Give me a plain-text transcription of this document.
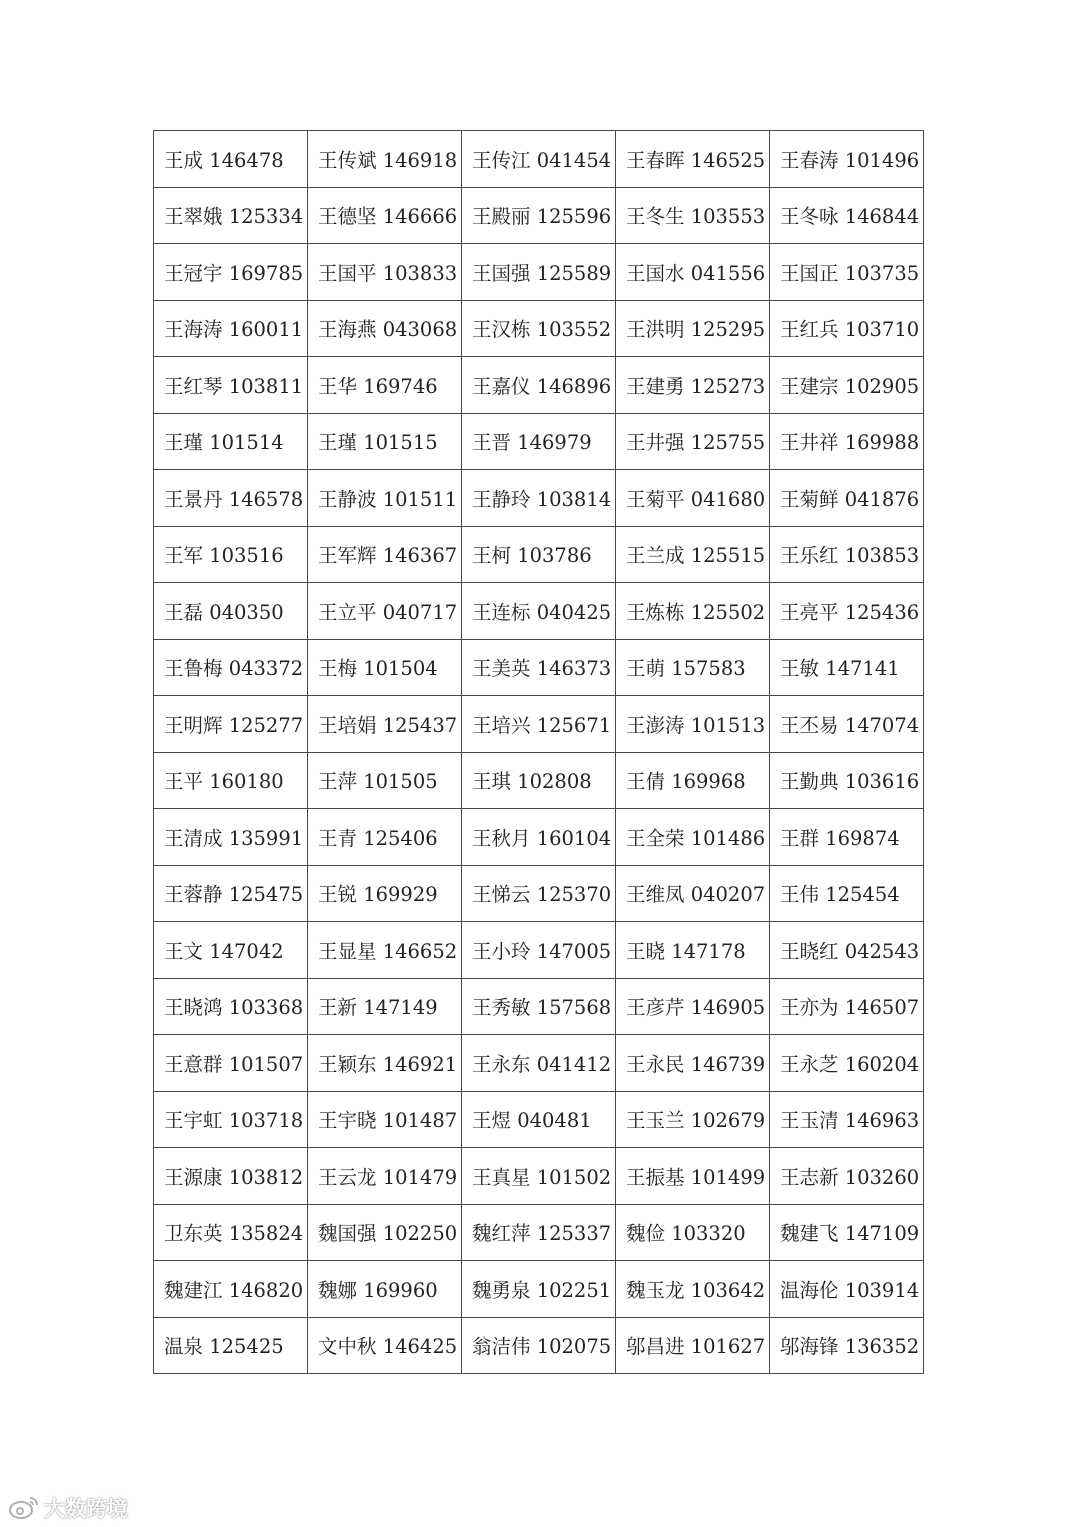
王成 146478	王传斌 146918	王传江 041454	王春晖 146525	王春涛 101496
王翠娥 125334	王德坚 146666	王殿丽 125596	王冬生 103553	王冬咏 146844
王冠宇 169785	王国平 103833	王国强 125589	王国水 041556	王国正 103735
王海涛 160011	王海燕 043068	王汉栋 103552	王洪明 125295	王红兵 103710
王红琴 103811	王华 169746	王嘉仪 146896	王建勇 125273	王建宗 102905
王瑾 101514	王瑾 101515	王晋 146979	王井强 125755	王井祥 169988
王景丹 146578	王静波 101511	王静玲 103814	王菊平 041680	王菊鲜 041876
王军 103516	王军辉 146367	王柯 103786	王兰成 125515	王乐红 103853
王磊 040350	王立平 040717	王连标 040425	王炼栋 125502	王亮平 125436
王鲁梅 043372	王梅 101504	王美英 146373	王萌 157583	王敏 147141
王明辉 125277	王培娟 125437	王培兴 125671	王澎涛 101513	王丕易 147074
王平 160180	王萍 101505	王琪 102808	王倩 169968	王勤典 103616
王清成 135991	王青 125406	王秋月 160104	王全荣 101486	王群 169874
王蓉静 125475	王锐 169929	王悌云 125370	王维凤 040207	王伟 125454
王文 147042	王显星 146652	王小玲 147005	王晓 147178	王晓红 042543
王晓鸿 103368	王新 147149	王秀敏 157568	王彦芹 146905	王亦为 146507
王意群 101507	王颖东 146921	王永东 041412	王永民 146739	王永芝 160204
王宇虹 103718	王宇晓 101487	王煜 040481	王玉兰 102679	王玉清 146963
王源康 103812	王云龙 101479	王真星 101502	王振基 101499	王志新 103260
卫东英 135824	魏国强 102250	魏红萍 125337	魏俭 103320	魏建飞 147109
魏建江 146820	魏娜 169960	魏勇泉 102251	魏玉龙 103642	温海伦 103914
温泉 125425	文中秋 146425	翁洁伟 102075	邬昌进 101627	邬海锋 136352
大数跨境
